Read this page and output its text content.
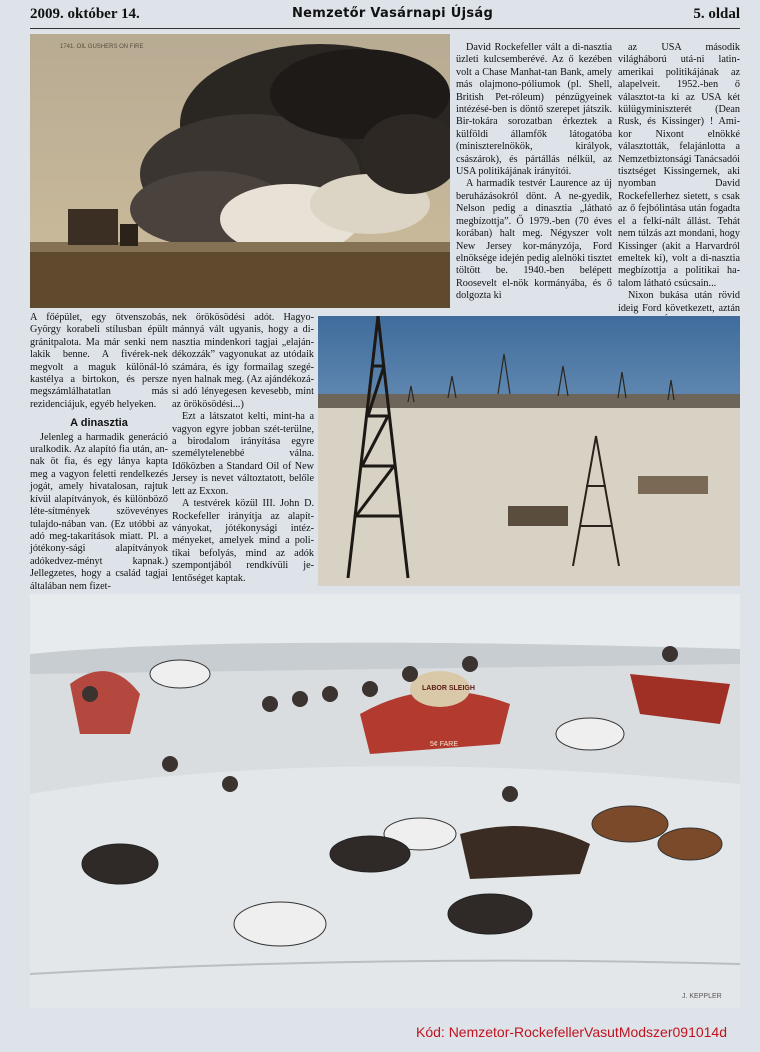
2009. október 14.	Nemzetőr Vasárnapi Újság	5. oldal
1741. OIL GUSHERS ON FIRE	David Rockefeller vált a di-nasztia üzleti kulcsemberévé. Az ő kezében volt a Chase Manhat-tan Bank, amely más olajmono-póliumok (pl. Shell, British Pet-róleum) pénzügyeinek intézésé-ben is döntő szerepet játszik. Bir-tokára sorozatban érkeztek a külföldi államfők látogatóba (miniszterelnökök, királyok, császárok), és pártállás nélkül, az USA politikájának irányítói.

A harmadik testvér Laurence az új beruházásokról dönt. A ne-gyedik, Nelson pedig a dinasztia „látható megbízottja”. Ő 1979.-ben (70 éves korában) halt meg. Négyszer volt New Jersey kor-mányzója, Ford elnöksége idején pedig alelnöki tisztet töltött be. 1940.-ben belépett Roosevelt el-nök kormányába, és ő dolgozta ki

az USA második világháború utá-ni latin-amerikai politikájának az alapelveit. 1952.-ben ő választot-ta ki az USA két külügyminiszterét (Dean Rusk, és Kissinger) ! Ami-kor Nixont elnökké választották, felajánlotta a Nemzetbiztonsági Tanácsadói tisztséget Kissingernek, aki nyomban David Rockefellerhez sietett, s csak az ő fejbólintása után fogadta el a felkí-nált állást. Tehát nem túlzás azt mondani, hogy Kissinger (akit a Harvardról emeltek ki), volt a di-nasztia megbízottja a politikai ha-talom látható csúcsain...

Nixon bukása után rövid ideig Ford következett, aztán

A főépület, egy ötvenszobás, György korabeli stílusban épült gránitpalota. Ma már senki nem lakik benne. A fivérek-nek megvolt a maguk különál-ló kastélya a birtokon, és persze megszámlálhatatlan más rezidenciájuk, egyéb helyeken.

A dinasztia

Jelenleg a harmadik generáció uralkodik. Az alapító fia után, an-nak öt fia, és egy lánya kapta meg a vagyon feletti rendelkezés jogát, amely hivatalosan, rajtuk kívül alapítványok, és különböző léte-sítmények szövevényes tulajdo-nában van. (Ez utóbbi az adó meg-takarítások miatt. Pl. a jótékony-sági alapítványok adókedvez-ményt kapnak.) Jellegzetes, hogy a család tagjai általában nem fizet-

nek örökösödési adót. Hagyo-mánnyá vált ugyanis, hogy a di-nasztia mindenkori tagjai „elaján-dékozzák” vagyonukat az utódaik számára, és így formailag szegé-nyen halnak meg. (Az ajándékozá-si adó lényegesen kevesebb, mint az örökösödési...)

Ezt a látszatot kelti, mint-ha a vagyon egyre jobban szét-terülne, a birodalom irányítása egyre személytelenebbé válna. Időközben a Standard Oil of New Jersey is nevet változtatott, belőle lett az Exxon.

A testvérek közül III. John D. Rockefeller irányítja az alapít-ványokat, jótékonysági intéz-ményeket, amelyek mind a poli-tikai befolyás, mind az adók szempontjából rendkívüli je-lentőséget kaptak.

LABOR SLEIGH
5¢ FARE
J. KEPPLER
Kód: Nemzetor-RockefellerVasutModszer091014d
